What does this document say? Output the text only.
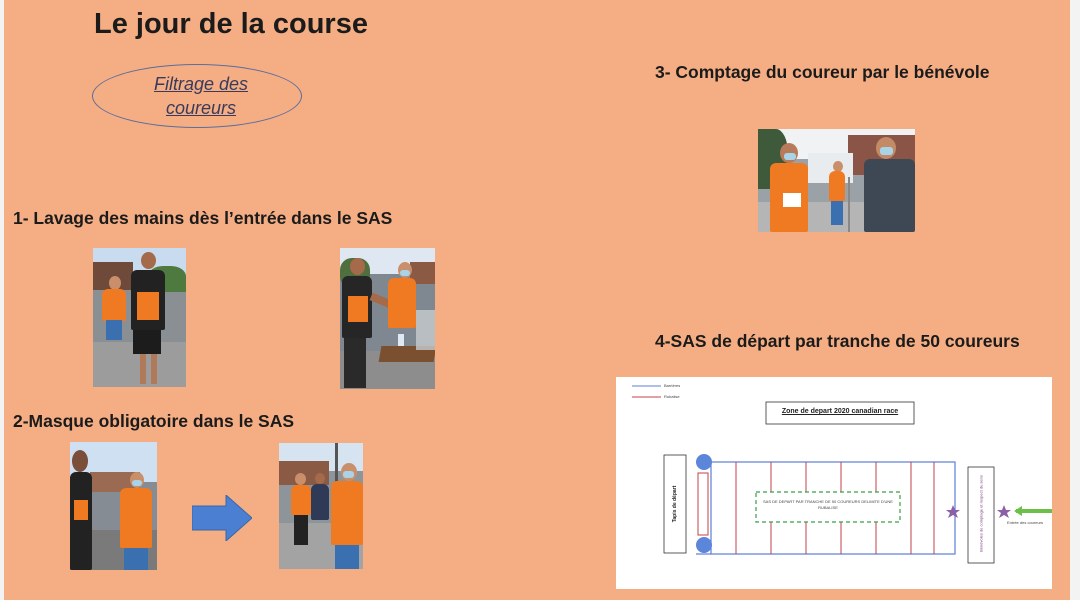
Le jour de la course
Filtrage des coureurs
1- Lavage des mains dès l’entrée dans le SAS
2-Masque obligatoire dans le SAS
3- Comptage du coureur par le bénévole
4-SAS de départ par tranche de 50 coureurs
Barrières
Rubalise
Zone de depart 2020 canadian race
Tapis de départ	SAS DE DEPART PAR TRANCHE DE 50 COUREURS DELIMITE D'UNE RUBALISE	Bénévoles de comptage et respect du sens	Entrée des coureurs
